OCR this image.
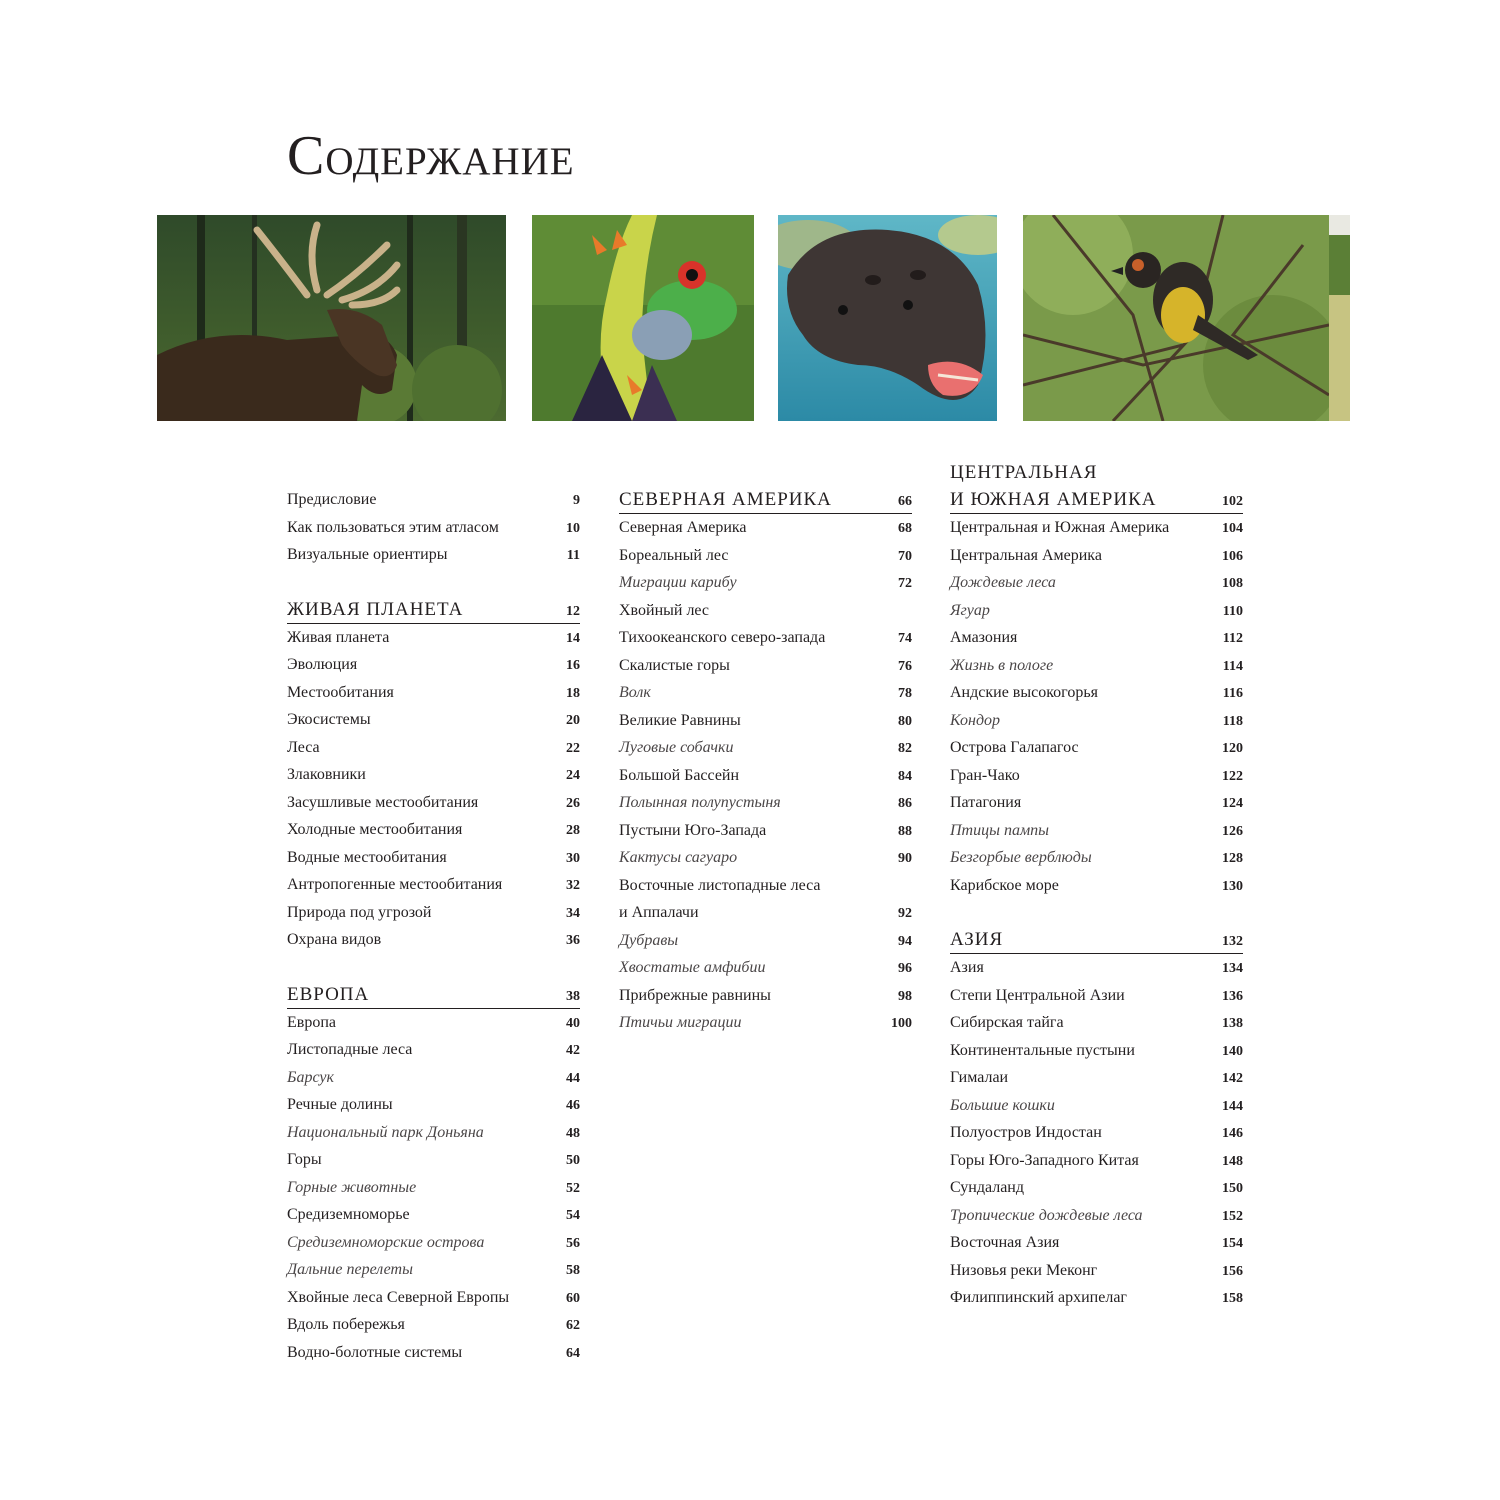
Содержание
Предисловие	9
Как пользоваться этим атласом	10
Визуальные ориентиры	11
ЖИВАЯ ПЛАНЕТА	12
Живая планета	14
Эволюция	16
Местообитания	18
Экосистемы	20
Леса	22
Злаковники	24
Засушливые местообитания	26
Холодные местообитания	28
Водные местообитания	30
Антропогенные местообитания	32
Природа под угрозой	34
Охрана видов	36
ЕВРОПА	38
Европа	40
Листопадные леса	42
Барсук	44
Речные долины	46
Национальный парк Доньяна	48
Горы	50
Горные животные	52
Средиземноморье	54
Средиземноморские острова	56
Дальние перелеты	58
Хвойные леса Северной Европы	60
Вдоль побережья	62
Водно-болотные системы	64
СЕВЕРНАЯ АМЕРИКА	66
Северная Америка	68
Бореальный лес	70
Миграции карибу	72
Хвойный лес
Тихоокеанского северо-запада	74
Скалистые горы	76
Волк	78
Великие Равнины	80
Луговые собачки	82
Большой Бассейн	84
Полынная полупустыня	86
Пустыни Юго-Запада	88
Кактусы сагуаро	90
Восточные листопадные леса
и Аппалачи	92
Дубравы	94
Хвостатые амфибии	96
Прибрежные равнины	98
Птичьи миграции	100
ЦЕНТРАЛЬНАЯ
И ЮЖНАЯ АМЕРИКА	102
Центральная и Южная Америка	104
Центральная Америка	106
Дождевые леса	108
Ягуар	110
Амазония	112
Жизнь в пологе	114
Андские высокогорья	116
Кондор	118
Острова Галапагос	120
Гран-Чако	122
Патагония	124
Птицы пампы	126
Безгорбые верблюды	128
Карибское море	130
АЗИЯ	132
Азия	134
Степи Центральной Азии	136
Сибирская тайга	138
Континентальные пустыни	140
Гималаи	142
Большие кошки	144
Полуостров Индостан	146
Горы Юго-Западного Китая	148
Сундаланд	150
Тропические дождевые леса	152
Восточная Азия	154
Низовья реки Меконг	156
Филиппинский архипелаг	158
